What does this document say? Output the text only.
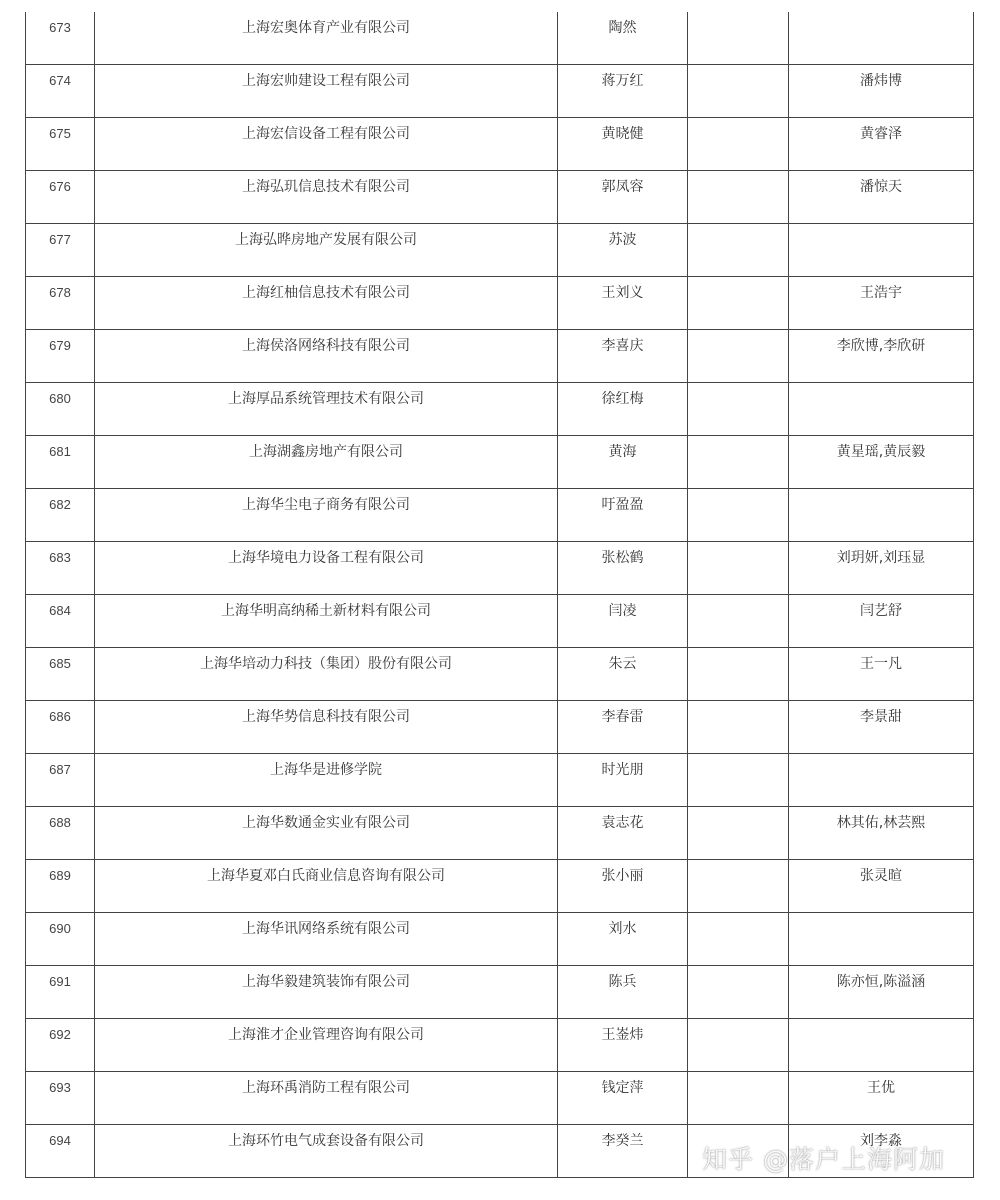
673	上海宏奥体育产业有限公司	陶然		

674	上海宏帅建设工程有限公司	蒋万红		潘炜博

675	上海宏信设备工程有限公司	黄晓健		黄睿泽

676	上海弘玑信息技术有限公司	郭凤容		潘惊天

677	上海弘晔房地产发展有限公司	苏波		

678	上海红柚信息技术有限公司	王刘义		王浩宇

679	上海侯洛网络科技有限公司	李喜庆		李欣博,李欣研

680	上海厚品系统管理技术有限公司	徐红梅		

681	上海湖鑫房地产有限公司	黄海		黄星瑶,黄辰毅

682	上海华尘电子商务有限公司	吁盈盈		

683	上海华境电力设备工程有限公司	张松鹤		刘玥妍,刘珏显

684	上海华明高纳稀土新材料有限公司	闫凌		闫艺舒

685	上海华培动力科技（集团）股份有限公司	朱云		王一凡

686	上海华势信息科技有限公司	李春雷		李景甜

687	上海华是进修学院	时光朋		

688	上海华数通金实业有限公司	袁志花		林其佑,林芸熙

689	上海华夏邓白氏商业信息咨询有限公司	张小丽		张灵暄

690	上海华讯网络系统有限公司	刘水		

691	上海华毅建筑装饰有限公司	陈兵		陈亦恒,陈溢涵

692	上海淮才企业管理咨询有限公司	王崟炜		

693	上海环禹消防工程有限公司	钱定萍		王优

694	上海环竹电气成套设备有限公司	李癸兰		刘李淼
知乎 @落户上海阿加
